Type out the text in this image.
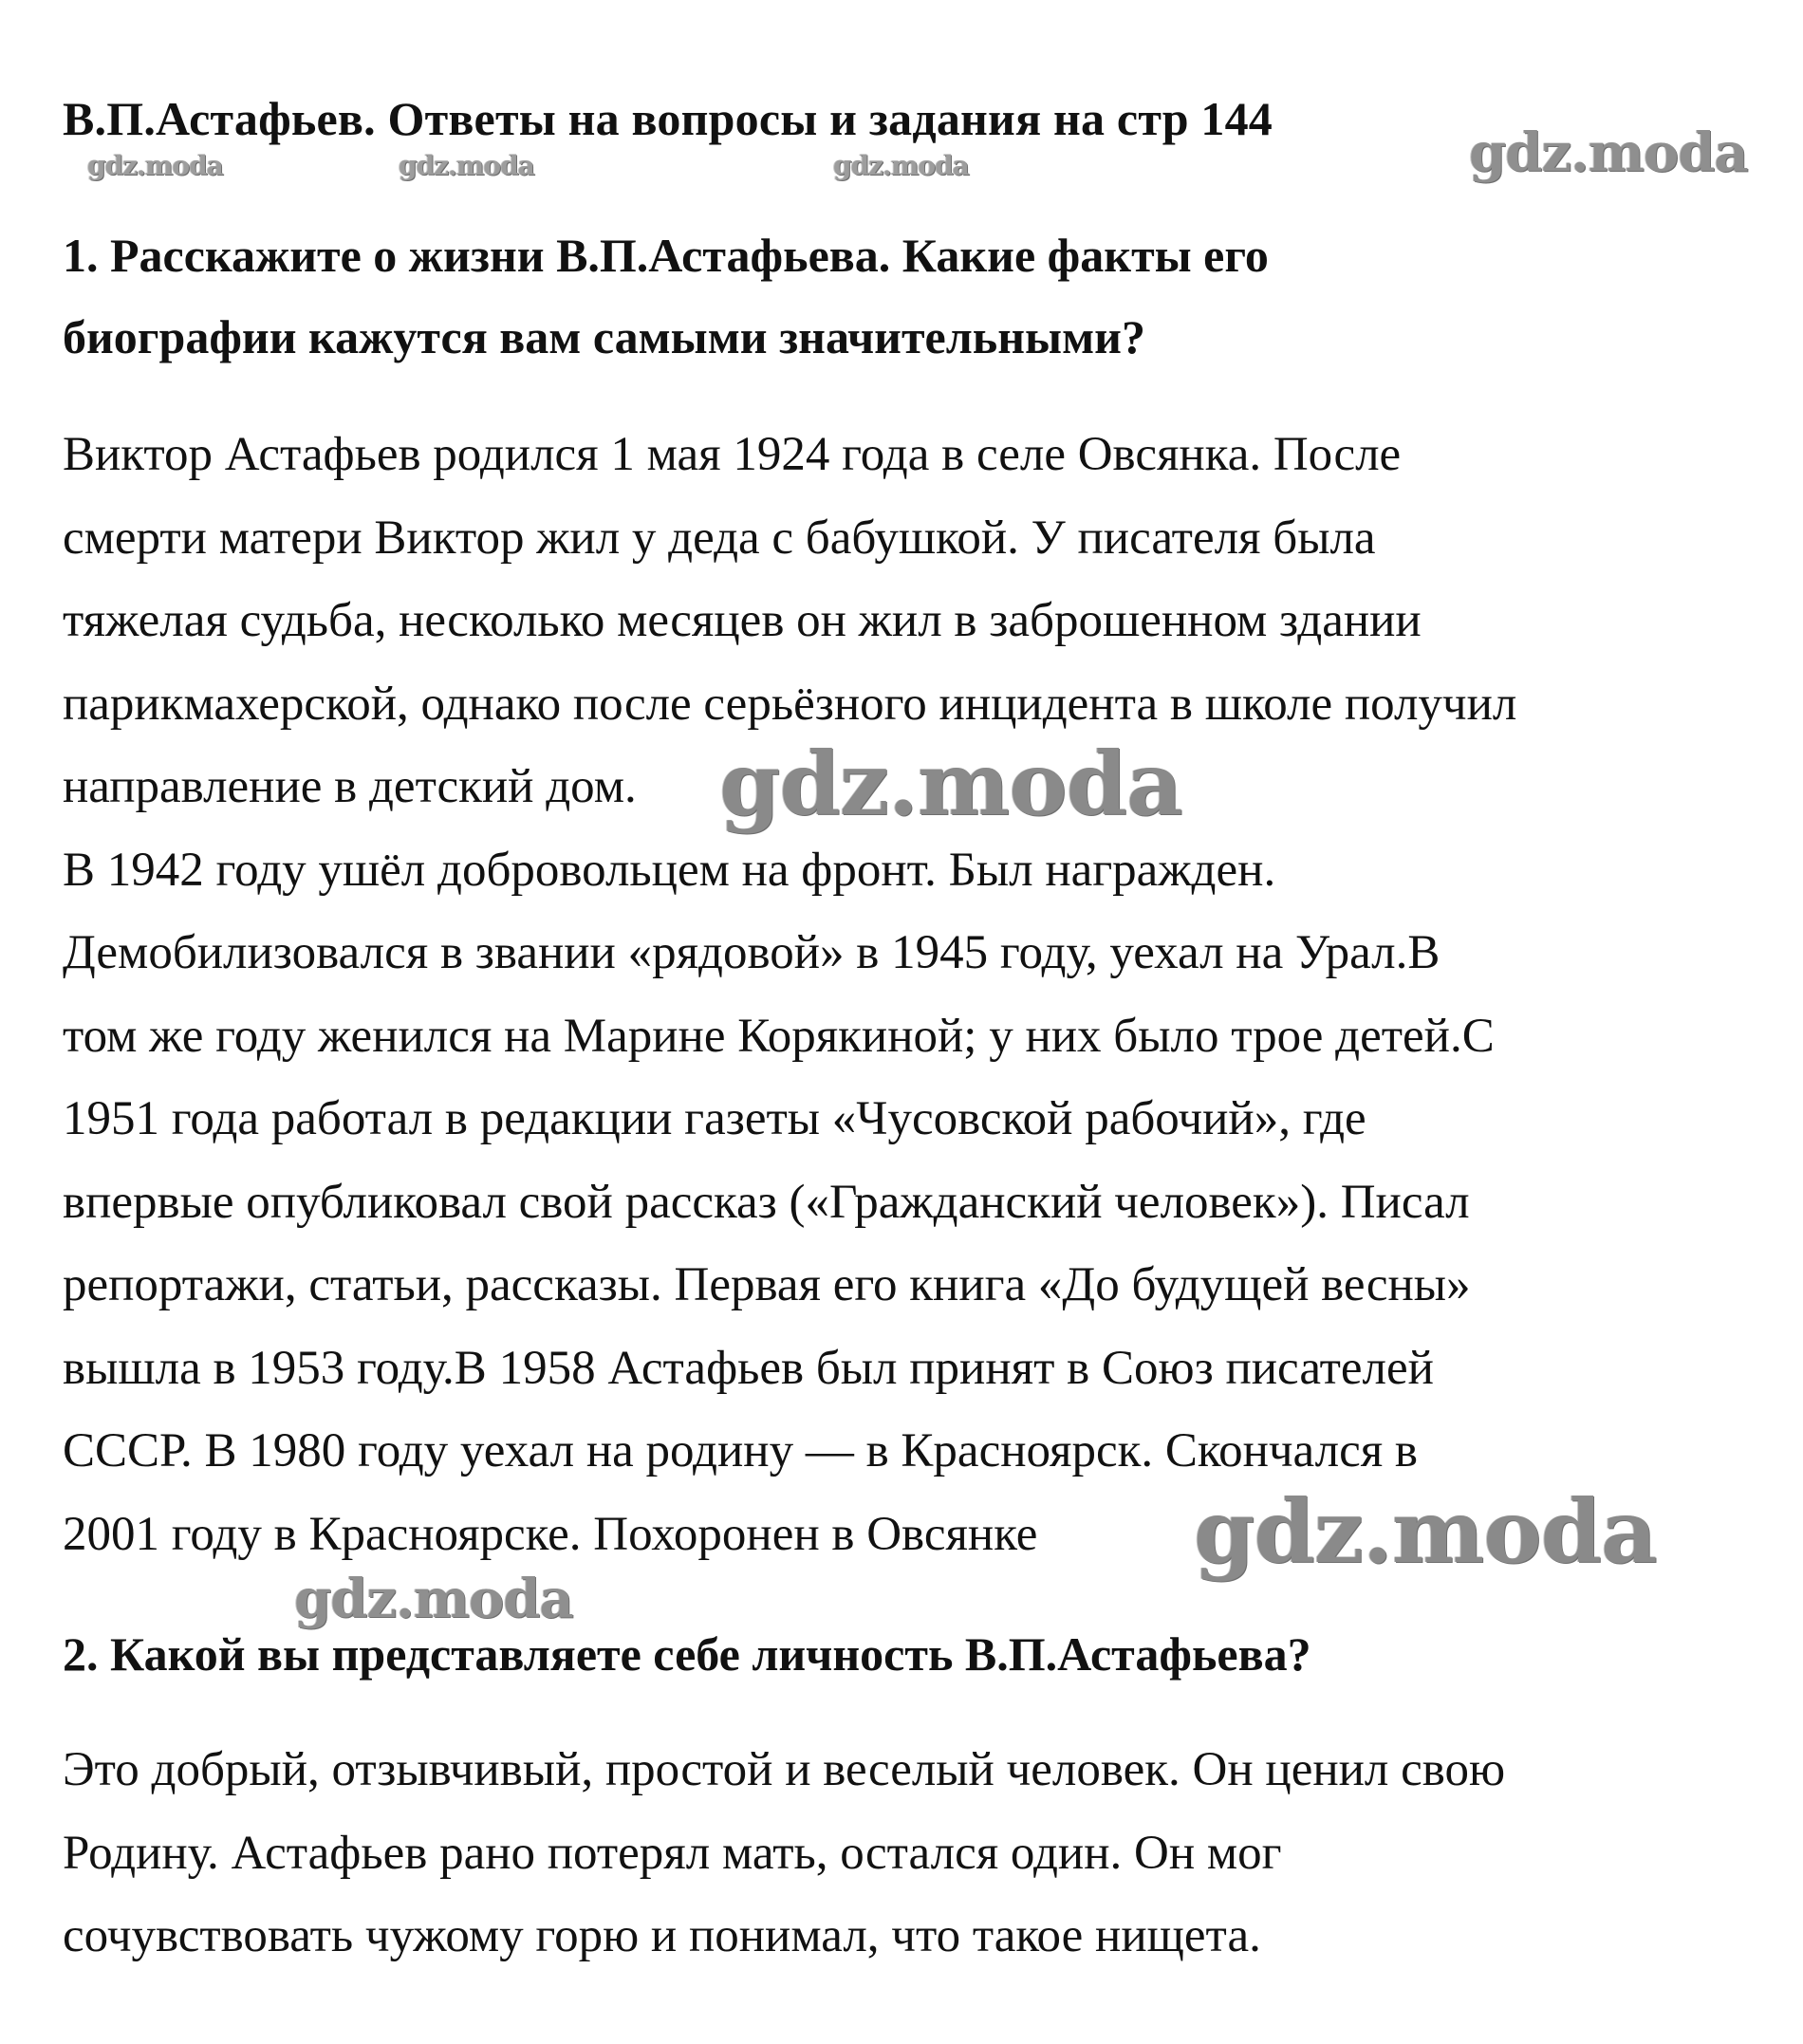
В.П.Астафьев. Ответы на вопросы и задания на стр 144
gdz.moda	gdz.moda	gdz.moda	gdz.moda
1. Расскажите о жизни В.П.Астафьева. Какие факты его
биографии кажутся вам самыми значительными?
Виктор Астафьев родился 1 мая 1924 года в селе Овсянка. После
смерти матери Виктор жил у деда с бабушкой. У писателя была
тяжелая судьба, несколько месяцев он жил в заброшенном здании
парикмахерской, однако после серьёзного инцидента в школе получил
направление в детский дом.
В 1942 году ушёл добровольцем на фронт. Был награжден.
Демобилизовался в звании «рядовой» в 1945 году, уехал на Урал.В
том же году женился на Марине Корякиной; у них было трое детей.С
1951 года работал в редакции газеты «Чусовской рабочий», где
впервые опубликовал свой рассказ («Гражданский человек»). Писал
репортажи, статьи, рассказы. Первая его книга «До будущей весны»
вышла в 1953 году.В 1958 Астафьев был принят в Союз писателей
СССР. В 1980 году уехал на родину — в Красноярск. Скончался в
2001 году в Красноярске. Похоронен в Овсянке
gdz.moda
gdz.moda
gdz.moda
2. Какой вы представляете себе личность В.П.Астафьева?
Это добрый, отзывчивый, простой и веселый человек. Он ценил свою
Родину. Астафьев рано потерял мать, остался один. Он мог
сочувствовать чужому горю и понимал, что такое нищета.
